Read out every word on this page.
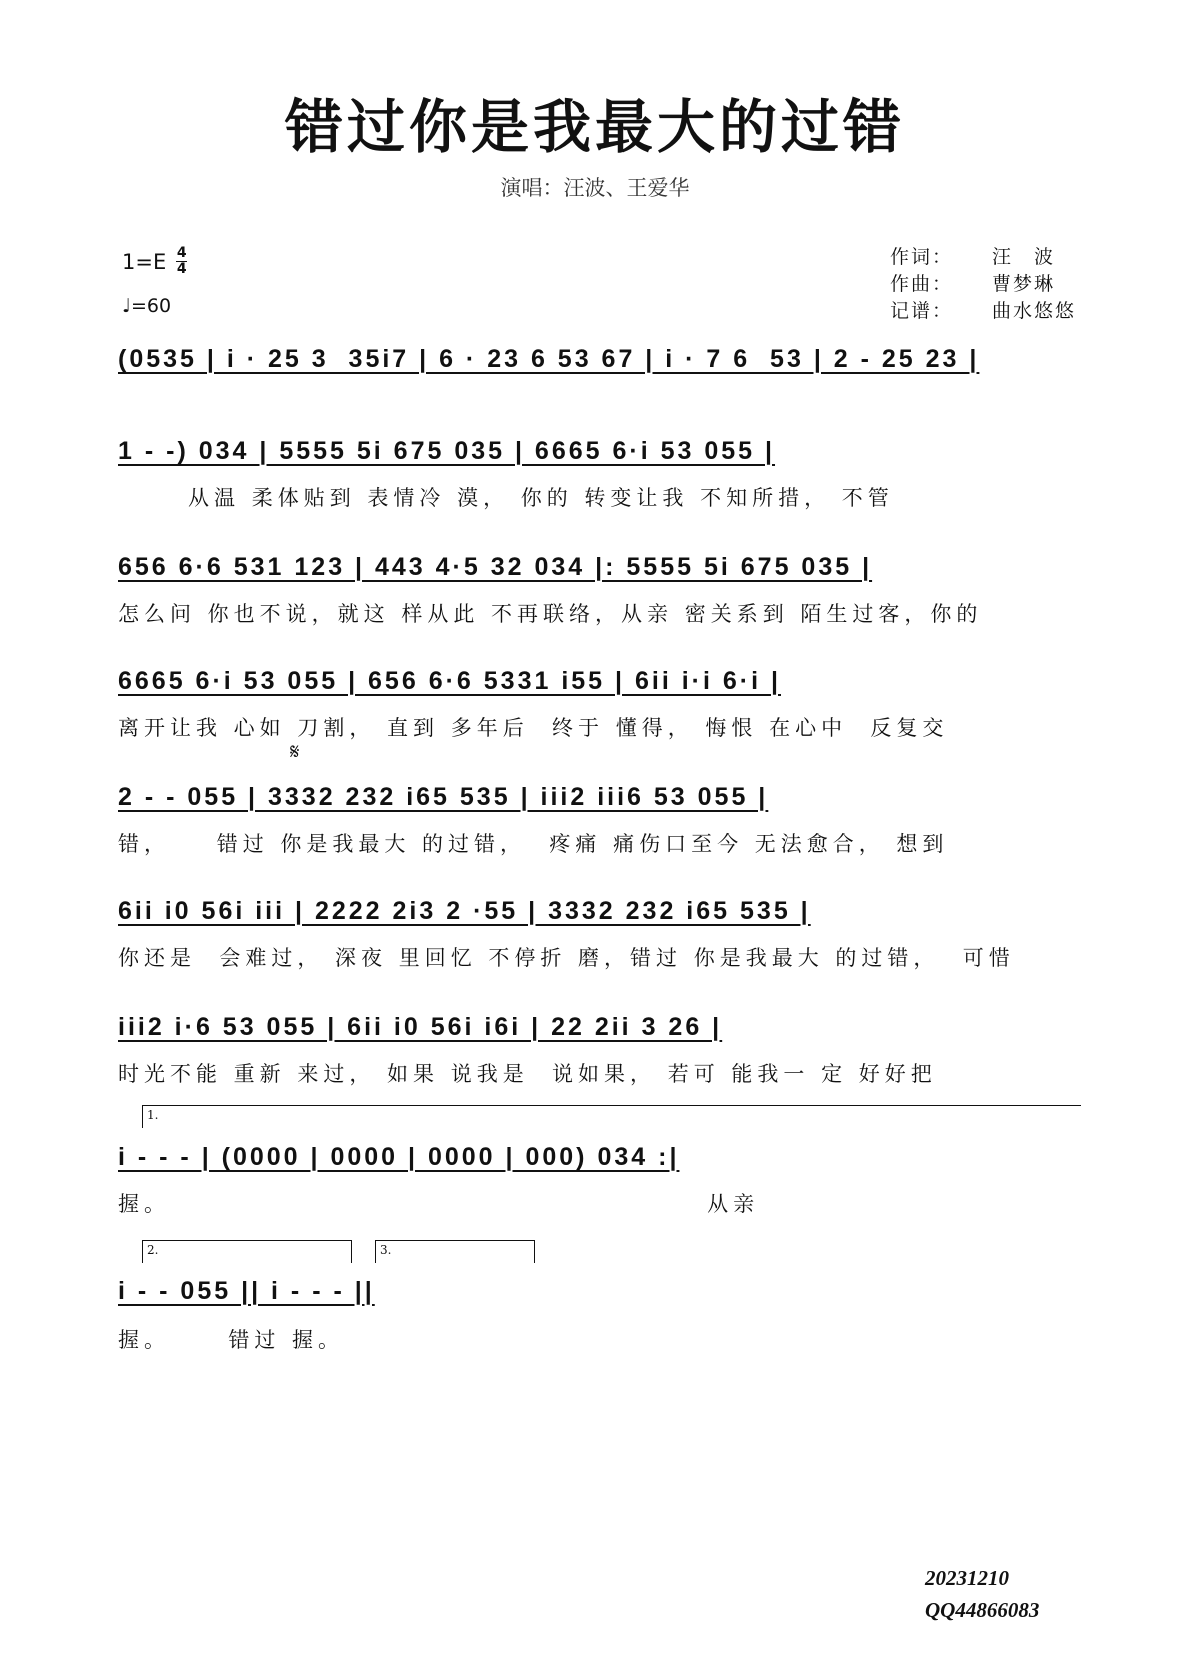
错过你是我最大的过错
演唱：汪波、王爱华
$1=E \frac{4}{4}$
♩=60
作词：	汪　波
作曲：	曹梦琳
记谱：	曲水悠悠
(0535 | i · 25 3  35i7 | 6 · 23 6 53 67 | i · 7 6  53 | 2 - 25 23 |
1 - -) 034 | 5555 5i 675 035 | 6665 6·i 53 055 |
从温 柔体贴到 表情冷 漠， 你的 转变让我 不知所措， 不管
656 6·6 531 123 | 443 4·5 32 034 |: 5555 5i 675 035 |
怎么问 你也不说，就这 样从此 不再联络，从亲 密关系到 陌生过客，你的
6665 6·i 53 055 | 656 6·6 5331 i55 | 6ii i·i 6·i |
离开让我 心如 刀割， 直到 多年后  终于 懂得， 悔恨 在心中  反复交
𝄋
2 - - 055 | 3332 232 i65 535 | iii2 iii6 53 055 |
错，    错过 你是我最大 的过错，  疼痛 痛伤口至今 无法愈合， 想到
6ii i0 56i iii | 2222 2i3 2 ·55 | 3332 232 i65 535 |
你还是  会难过， 深夜 里回忆 不停折 磨，错过 你是我最大 的过错，  可惜
iii2 i·6 53 055 | 6ii i0 56i i6i | 22 2ii 3 26 |
时光不能 重新 来过， 如果 说我是  说如果， 若可 能我一 定 好好把
1.
i - - - | (0000 | 0000 | 0000 | 000) 034 :|
握。                                              从亲
2.	3.
i - - 055 || i - - - ||
握。     错过 握。
20231210
QQ44866083
